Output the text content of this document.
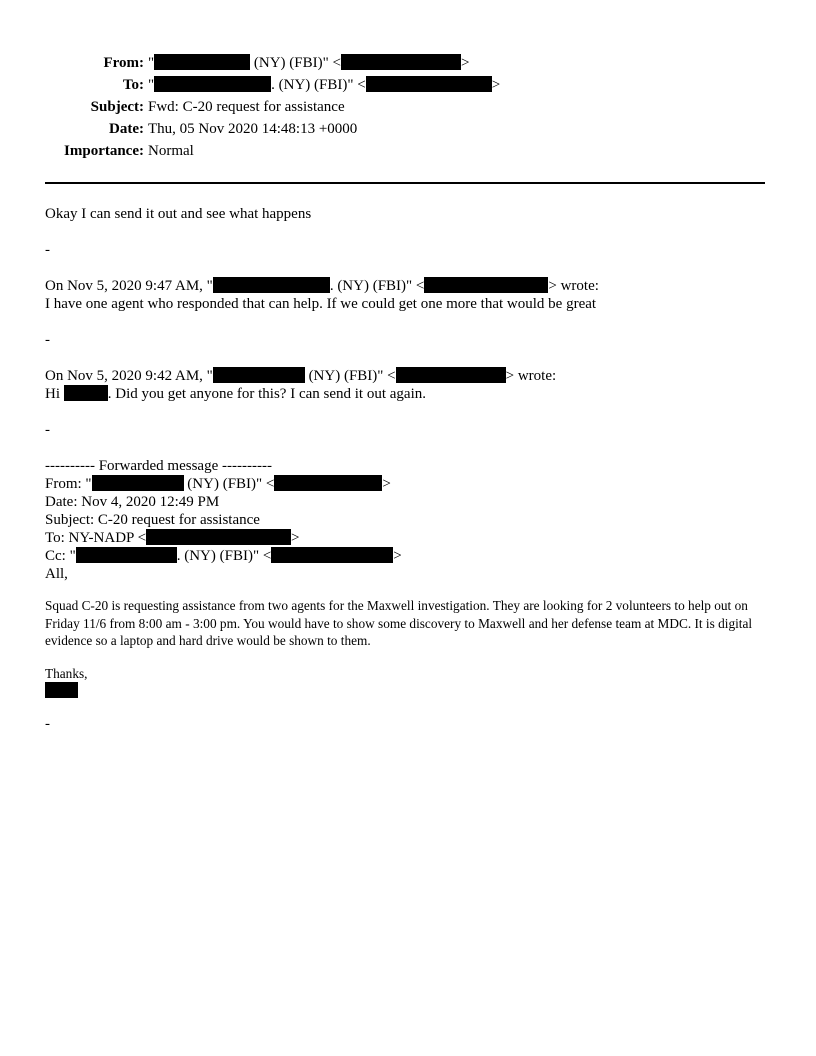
From: "	(NY) (FBI)" <	>
To: "	. (NY) (FBI)" <	>
Subject: Fwd: C-20 request for assistance
Date: Thu, 05 Nov 2020 14:48:13 +0000
Importance: Normal
Okay I can send it out and see what happens
-
On Nov 5, 2020 9:47 AM, "	. (NY) (FBI)" <	> wrote:
I have one agent who responded that can help. If we could get one more that would be great
-
On Nov 5, 2020 9:42 AM, "	(NY) (FBI)" <	> wrote:
Hi	. Did you get anyone for this? I can send it out again.
-
---------- Forwarded message ----------
From: "	(NY) (FBI)" <	>
Date: Nov 4, 2020 12:49 PM
Subject: C-20 request for assistance
To: NY-NADP <	>
Cc: "	. (NY) (FBI)" <	>
All,
Squad C-20 is requesting assistance from two agents for the Maxwell investigation. They are looking for 2 volunteers to help out on Friday 11/6 from 8:00 am - 3:00 pm. You would have to show some discovery to Maxwell and her defense team at MDC. It is digital evidence so a laptop and hard drive would be shown to them.
Thanks,
-
